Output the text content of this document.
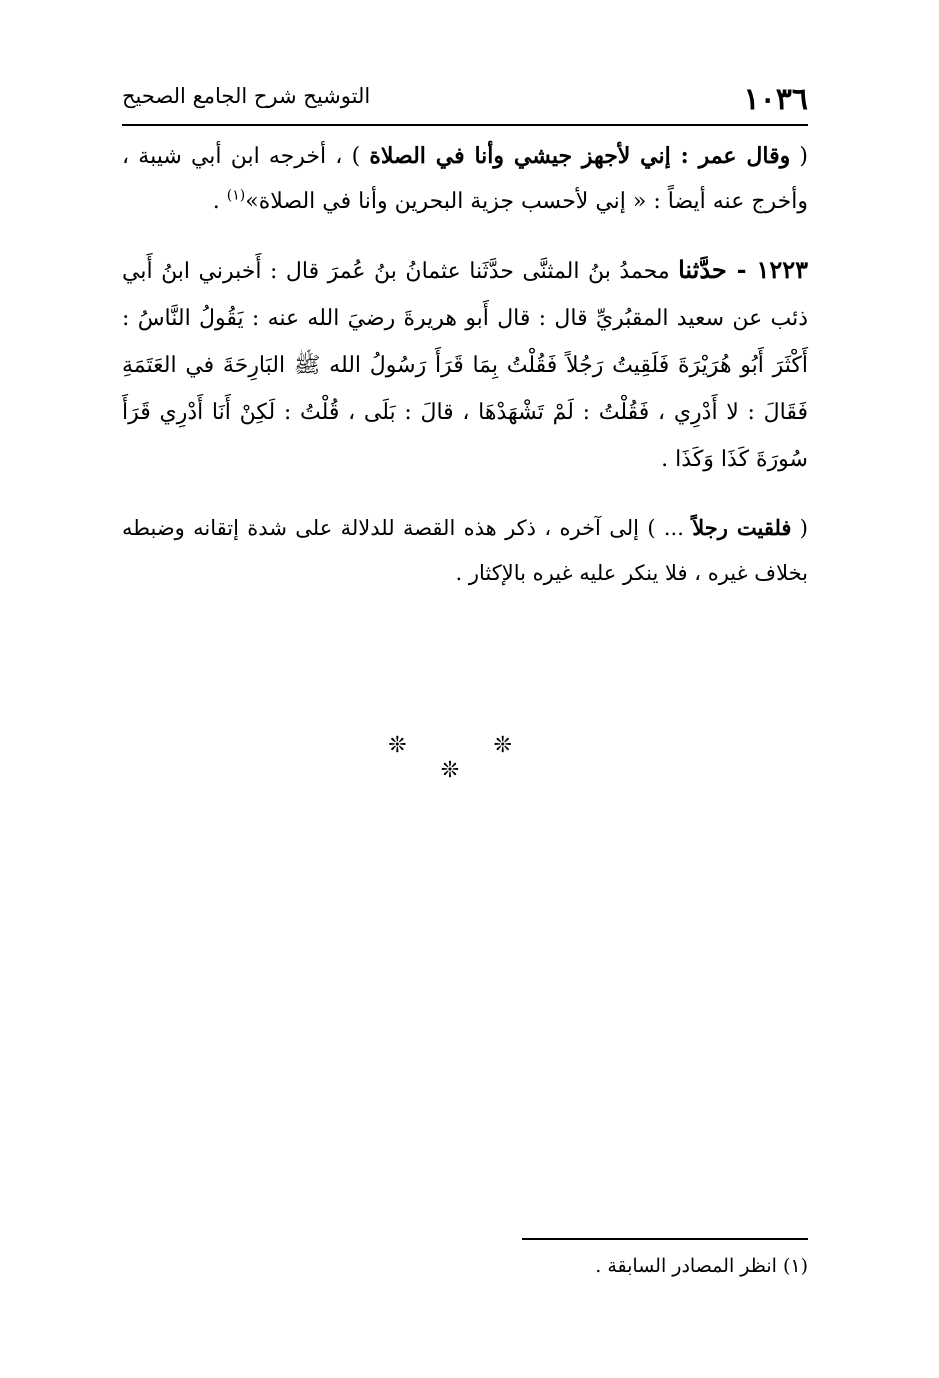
١٠٣٦
التوشيح شرح الجامع الصحيح

( وقال عمر : إني لأجهز جيشي وأنا في الصلاة ) ، أخرجه ابن أبي شيبة ، وأخرج عنه أيضاً : « إني لأحسب جزية البحرين وأنا في الصلاة»$^{(١)}$ .

١٢٢٣ - حدَّثنا محمدُ بنُ المثنَّى حدَّثَنا عثمانُ بنُ عُمرَ قال : أَخبرني ابنُ أَبي ذئب عن سعيد المقبُريِّ قال : قال أَبو هريرةَ رضيَ الله عنه : يَقُولُ النَّاسُ : أَكْثَرَ أَبُو هُرَيْرَةَ فَلَقِيتُ رَجُلاً فَقُلْتُ بِمَا قَرَأَ رَسُولُ الله ﷺ البَارِحَةَ في العَتَمَةِ فَقَالَ : لا أَدْرِي ، فَقُلْتُ : لَمْ تَشْهَدْهَا ، قالَ : بَلَى ، قُلْتُ : لَكِنْ أَنَا أَدْرِي قَرَأَ سُورَةَ كَذَا وَكَذَا .

( فلقيت رجلاً ... ) إلى آخره ، ذكر هذه القصة للدلالة على شدة إتقانه وضبطه بخلاف غيره ، فلا ينكر عليه غيره بالإكثار .

❊ ❊ ❊
(١) انظر المصادر السابقة .
